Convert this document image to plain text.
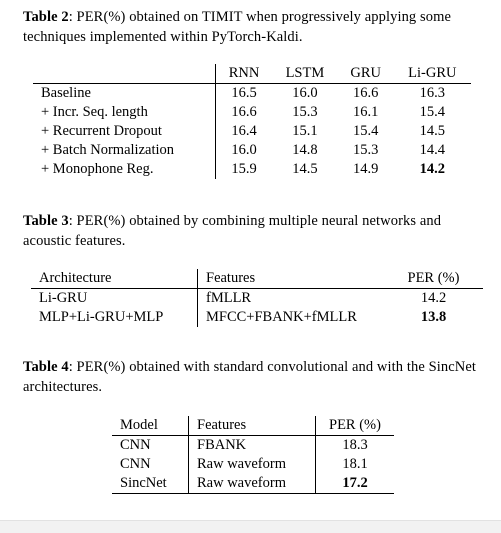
Table 2: PER(%) obtained on TIMIT when progressively applying some techniques implemented within PyTorch-Kaldi.
	RNN	LSTM	GRU	Li-GRU
Baseline	16.5	16.0	16.6	16.3
+ Incr. Seq. length	16.6	15.3	16.1	15.4
+ Recurrent Dropout	16.4	15.1	15.4	14.5
+ Batch Normalization	16.0	14.8	15.3	14.4
+ Monophone Reg.	15.9	14.5	14.9	14.2
Table 3: PER(%) obtained by combining multiple neural networks and acoustic features.
Architecture	Features	PER (%)
Li-GRU	fMLLR	14.2
MLP+Li-GRU+MLP	MFCC+FBANK+fMLLR	13.8
Table 4: PER(%) obtained with standard convolutional and with the SincNet architectures.
Model	Features	PER (%)
CNN	FBANK	18.3
CNN	Raw waveform	18.1
SincNet	Raw waveform	17.2
